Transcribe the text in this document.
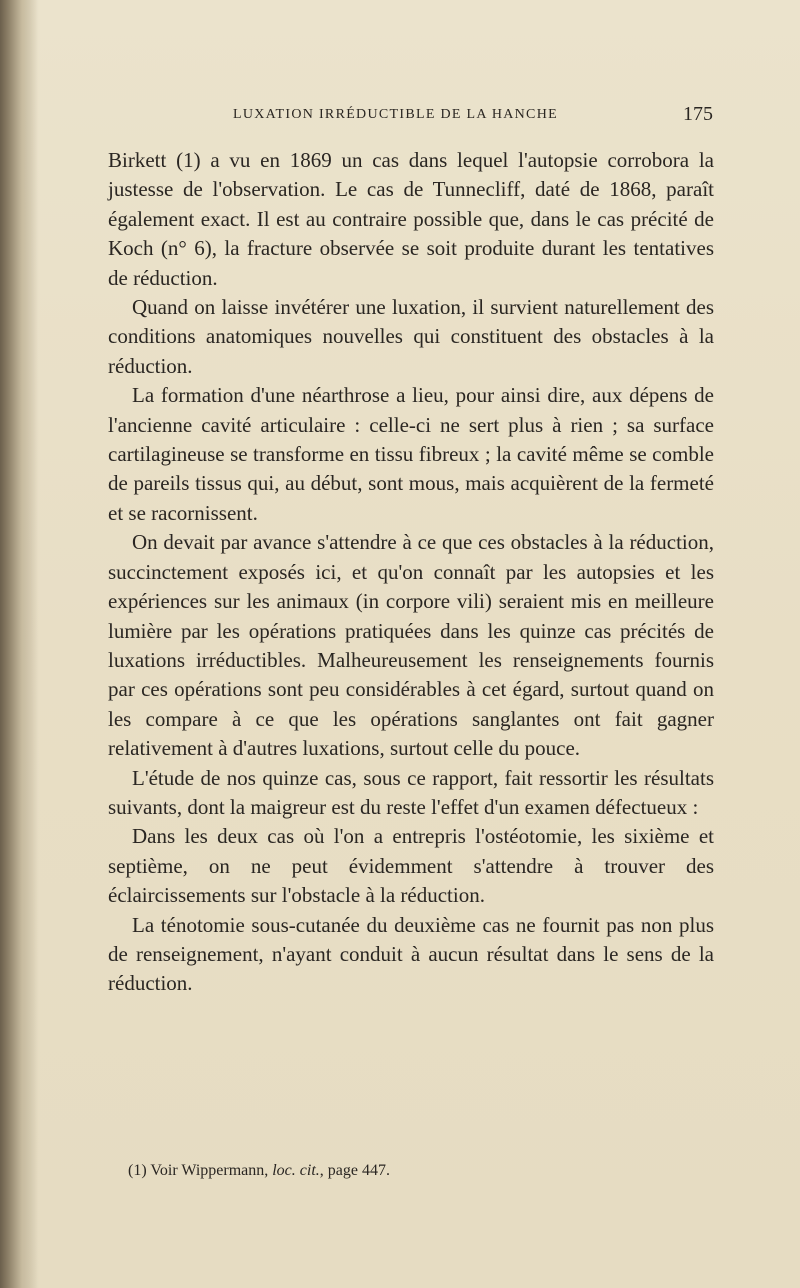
LUXATION IRRÉDUCTIBLE DE LA HANCHE	175

Birkett (1) a vu en 1869 un cas dans lequel l'autopsie corrobora la justesse de l'observation. Le cas de Tunnecliff, daté de 1868, paraît également exact. Il est au contraire possible que, dans le cas précité de Koch (n° 6), la fracture observée se soit produite durant les tentatives de réduction.

Quand on laisse invétérer une luxation, il survient naturellement des conditions anatomiques nouvelles qui constituent des obstacles à la réduction.

La formation d'une néarthrose a lieu, pour ainsi dire, aux dépens de l'ancienne cavité articulaire : celle-ci ne sert plus à rien ; sa surface cartilagineuse se transforme en tissu fibreux ; la cavité même se comble de pareils tissus qui, au début, sont mous, mais acquièrent de la fermeté et se racornissent.

On devait par avance s'attendre à ce que ces obstacles à la réduction, succinctement exposés ici, et qu'on connaît par les autopsies et les expériences sur les animaux (in corpore vili) seraient mis en meilleure lumière par les opérations pratiquées dans les quinze cas précités de luxations irréductibles. Malheureusement les renseignements fournis par ces opérations sont peu considérables à cet égard, surtout quand on les compare à ce que les opérations sanglantes ont fait gagner relativement à d'autres luxations, surtout celle du pouce.

L'étude de nos quinze cas, sous ce rapport, fait ressortir les résultats suivants, dont la maigreur est du reste l'effet d'un examen défectueux :

Dans les deux cas où l'on a entrepris l'ostéotomie, les sixième et septième, on ne peut évidemment s'attendre à trouver des éclaircissements sur l'obstacle à la réduction.

La ténotomie sous-cutanée du deuxième cas ne fournit pas non plus de renseignement, n'ayant conduit à aucun résultat dans le sens de la réduction.

(1) Voir Wippermann, loc. cit., page 447.
